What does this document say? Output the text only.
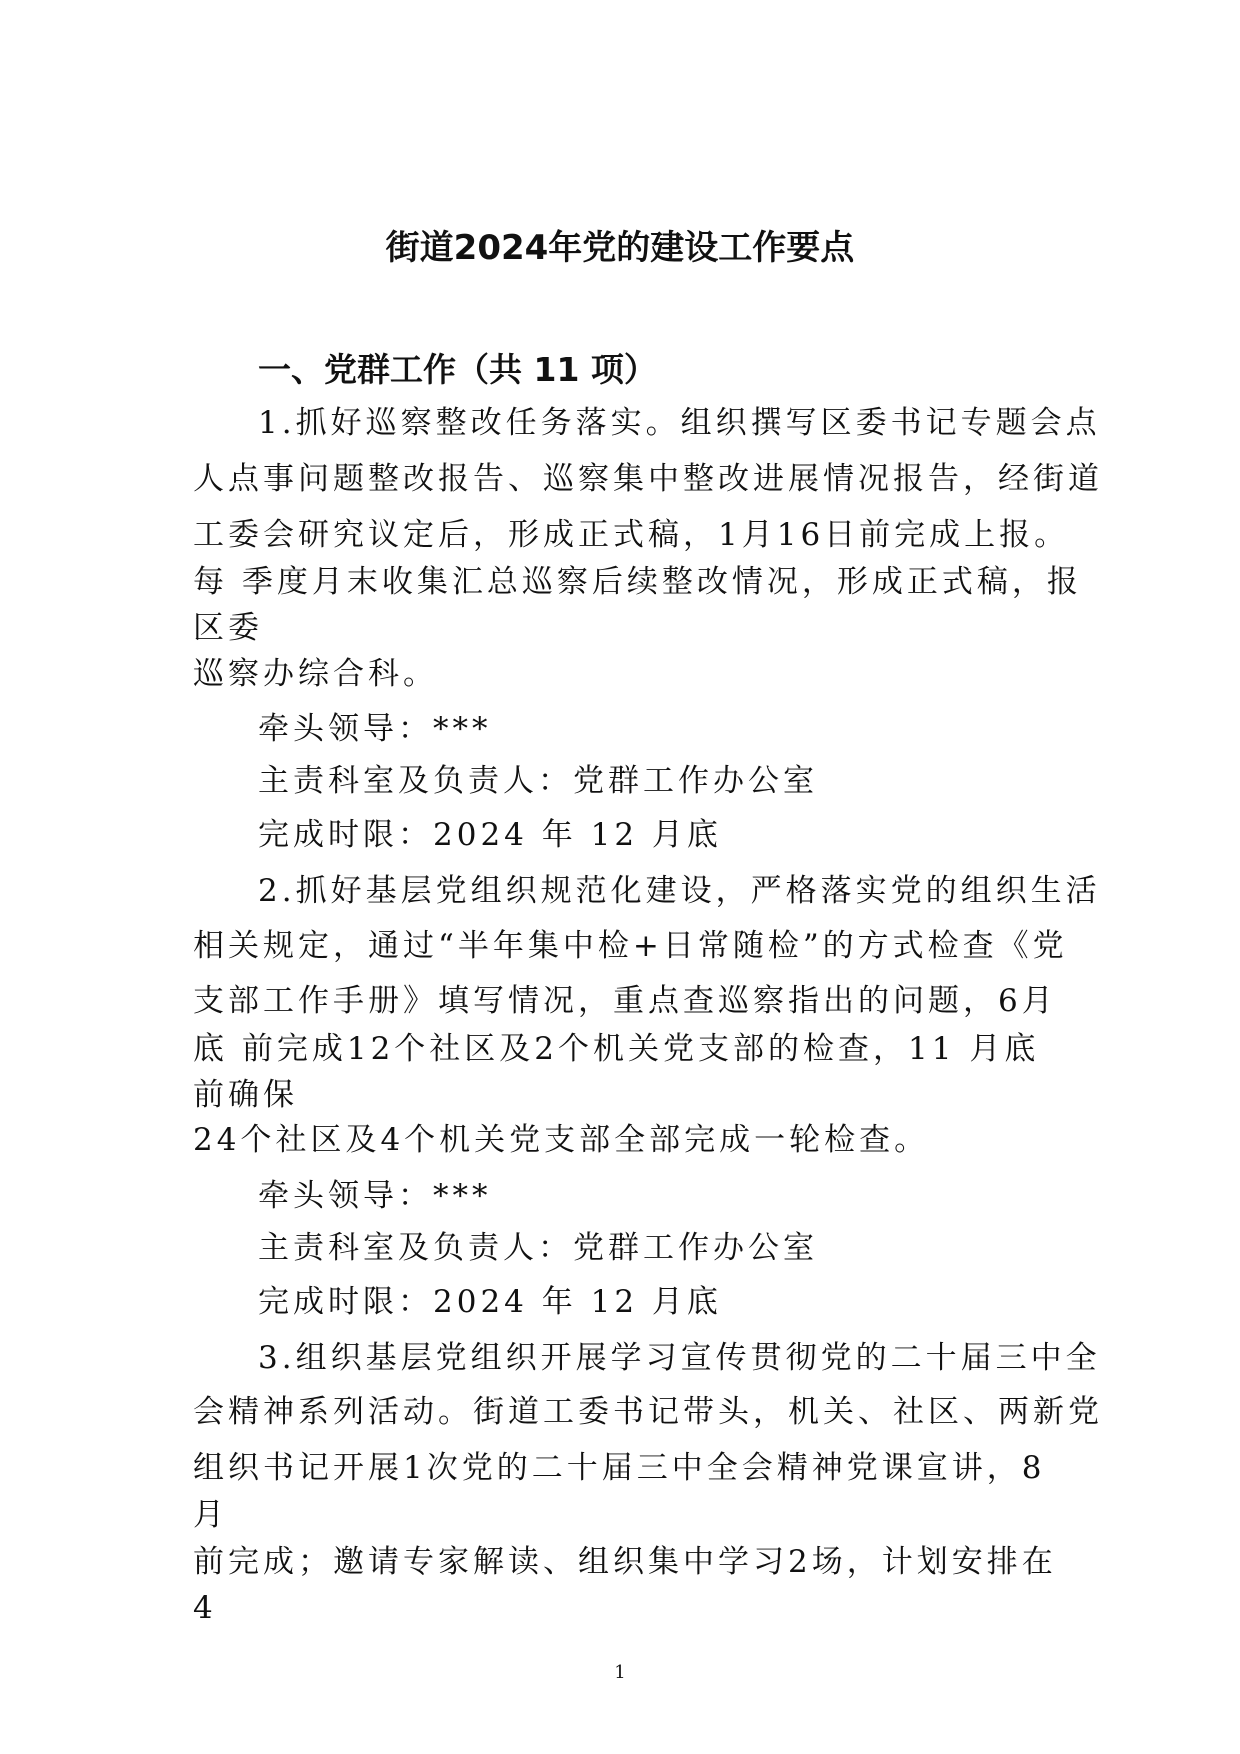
街道2024年党的建设工作要点
一、党群工作（共 11 项）
1.抓好巡察整改任务落实。组织撰写区委书记专题会点
人点事问题整改报告、巡察集中整改进展情况报告，经街道
工委会研究议定后，形成正式稿，1月16日前完成上报。
每 季度月末收集汇总巡察后续整改情况，形成正式稿，报
区委
巡察办综合科。
牵头领导：***
主责科室及负责人：党群工作办公室
完成时限：2024 年 12 月底
2.抓好基层党组织规范化建设，严格落实党的组织生活
相关规定，通过“半年集中检+日常随检”的方式检查《党
支部工作手册》填写情况，重点查巡察指出的问题，6月
底 前完成12个社区及2个机关党支部的检查，11 月底
前确保
24个社区及4个机关党支部全部完成一轮检查。
牵头领导：***
主责科室及负责人：党群工作办公室
完成时限：2024 年 12 月底
3.组织基层党组织开展学习宣传贯彻党的二十届三中全
会精神系列活动。街道工委书记带头，机关、社区、两新党
组织书记开展1次党的二十届三中全会精神党课宣讲，8
月
前完成；邀请专家解读、组织集中学习2场，计划安排在
4
1
